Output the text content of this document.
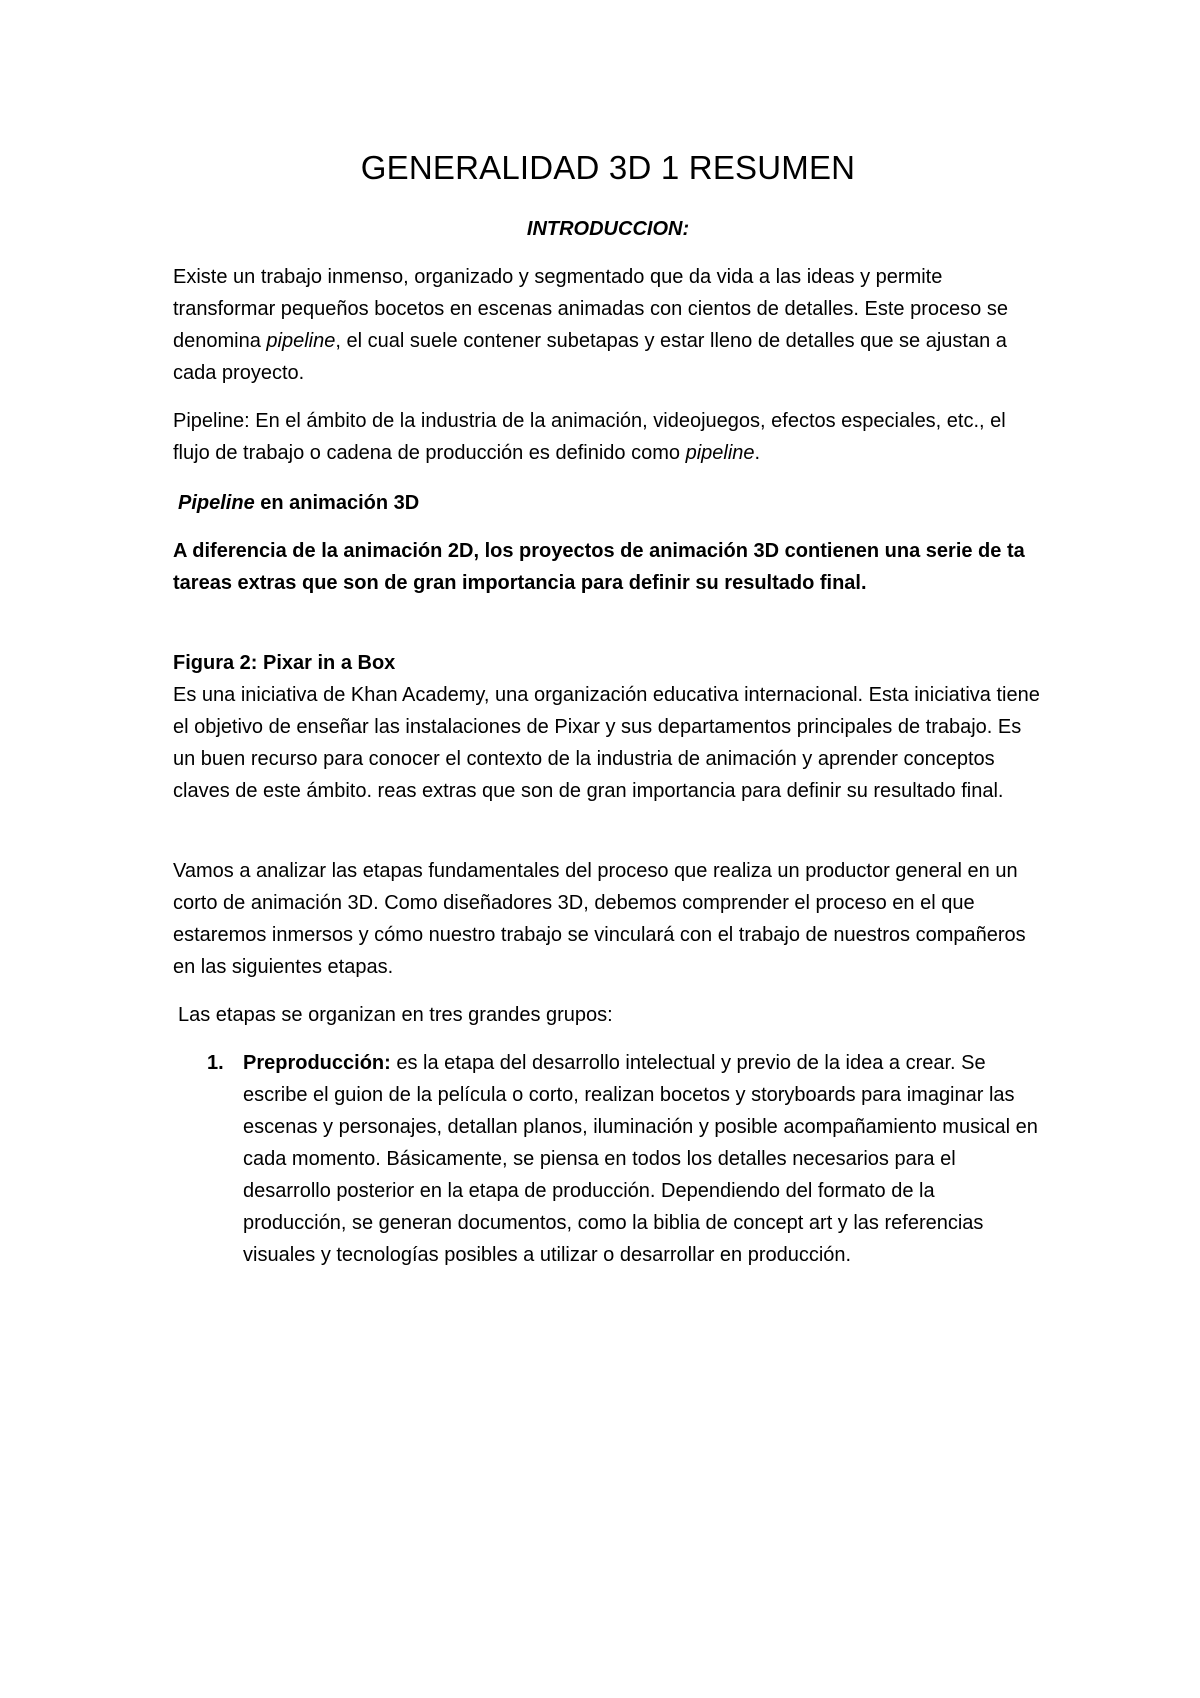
GENERALIDAD 3D 1 RESUMEN

INTRODUCCION:

Existe un trabajo inmenso, organizado y segmentado que da vida a las ideas y permite transformar pequeños bocetos en escenas animadas con cientos de detalles. Este proceso se denomina pipeline, el cual suele contener subetapas y estar lleno de detalles que se ajustan a cada proyecto.

Pipeline: En el ámbito de la industria de la animación, videojuegos, efectos especiales, etc., el flujo de trabajo o cadena de producción es definido como pipeline.

Pipeline en animación 3D

A diferencia de la animación 2D, los proyectos de animación 3D contienen una serie de ta tareas extras que son de gran importancia para definir su resultado final.

Figura 2: Pixar in a Box
Es una iniciativa de Khan Academy, una organización educativa internacional. Esta iniciativa tiene el objetivo de enseñar las instalaciones de Pixar y sus departamentos principales de trabajo. Es un buen recurso para conocer el contexto de la industria de animación y aprender conceptos claves de este ámbito. reas extras que son de gran importancia para definir su resultado final.

Vamos a analizar las etapas fundamentales del proceso que realiza un productor general en un corto de animación 3D. Como diseñadores 3D, debemos comprender el proceso en el que estaremos inmersos y cómo nuestro trabajo se vinculará con el trabajo de nuestros compañeros en las siguientes etapas.

Las etapas se organizan en tres grandes grupos:

1. Preproducción: es la etapa del desarrollo intelectual y previo de la idea a crear. Se escribe el guion de la película o corto, realizan bocetos y storyboards para imaginar las escenas y personajes, detallan planos, iluminación y posible acompañamiento musical en cada momento. Básicamente, se piensa en todos los detalles necesarios para el desarrollo posterior en la etapa de producción. Dependiendo del formato de la producción, se generan documentos, como la biblia de concept art y las referencias visuales y tecnologías posibles a utilizar o desarrollar en producción.
